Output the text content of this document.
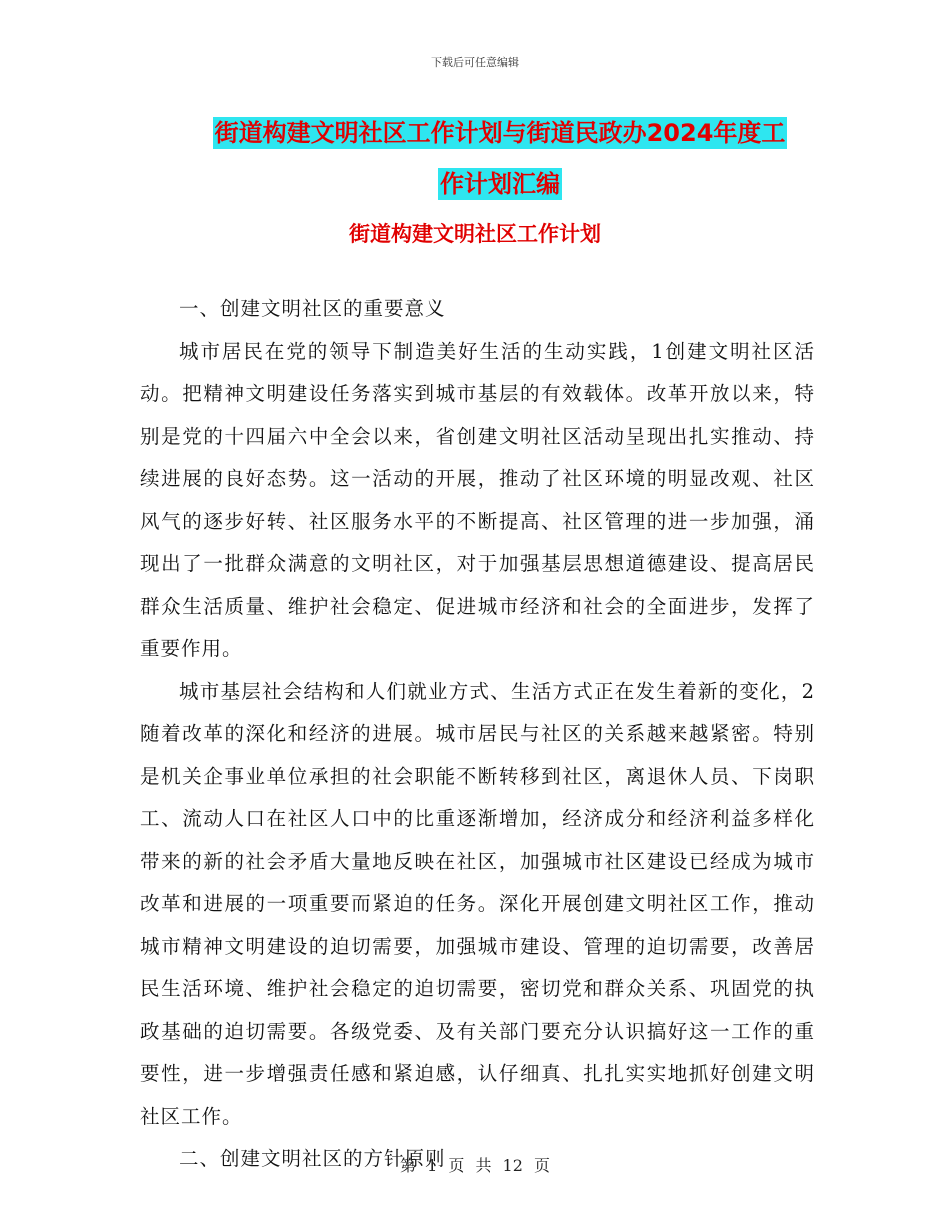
下载后可任意编辑
街道构建文明社区工作计划与街道民政办2024年度工
作计划汇编
街道构建文明社区工作计划

一、创建文明社区的重要意义

城市居民在党的领导下制造美好生活的生动实践，1创建文明社区活动。把精神文明建设任务落实到城市基层的有效载体。改革开放以来，特别是党的十四届六中全会以来，省创建文明社区活动呈现出扎实推动、持续进展的良好态势。这一活动的开展，推动了社区环境的明显改观、社区风气的逐步好转、社区服务水平的不断提高、社区管理的进一步加强，涌现出了一批群众满意的文明社区，对于加强基层思想道德建设、提高居民群众生活质量、维护社会稳定、促进城市经济和社会的全面进步，发挥了重要作用。

城市基层社会结构和人们就业方式、生活方式正在发生着新的变化，2随着改革的深化和经济的进展。城市居民与社区的关系越来越紧密。特别是机关企事业单位承担的社会职能不断转移到社区，离退休人员、下岗职工、流动人口在社区人口中的比重逐渐增加，经济成分和经济利益多样化带来的新的社会矛盾大量地反映在社区，加强城市社区建设已经成为城市改革和进展的一项重要而紧迫的任务。深化开展创建文明社区工作，推动城市精神文明建设的迫切需要，加强城市建设、管理的迫切需要，改善居民生活环境、维护社会稳定的迫切需要，密切党和群众关系、巩固党的执政基础的迫切需要。各级党委、及有关部门要充分认识搞好这一工作的重要性，进一步增强责任感和紧迫感，认仔细真、扎扎实实地抓好创建文明社区工作。

二、创建文明社区的方针原则

第 1 页 共 12 页
